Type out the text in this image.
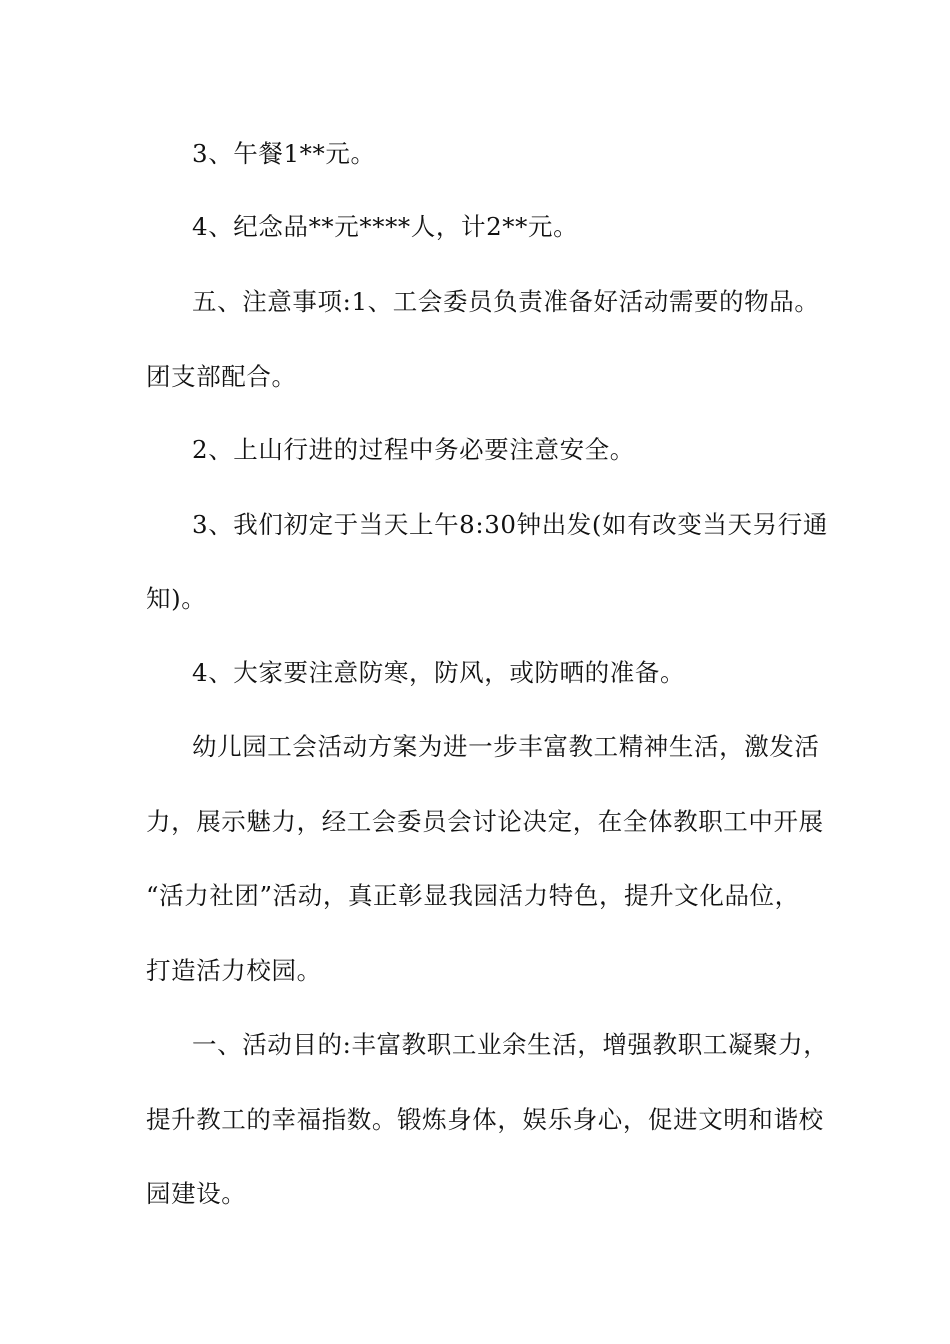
3、午餐1**元。
4、纪念品**元****人，计2**元。
五、注意事项:1、工会委员负责准备好活动需要的物品。
团支部配合。
2、上山行进的过程中务必要注意安全。
3、我们初定于当天上午8:30钟出发(如有改变当天另行通
知)。
4、大家要注意防寒，防风，或防晒的准备。
幼儿园工会活动方案为进一步丰富教工精神生活，激发活
力，展示魅力，经工会委员会讨论决定，在全体教职工中开展
“活力社团”活动，真正彰显我园活力特色，提升文化品位，
打造活力校园。
一、活动目的:丰富教职工业余生活，增强教职工凝聚力，
提升教工的幸福指数。锻炼身体，娱乐身心，促进文明和谐校
园建设。
